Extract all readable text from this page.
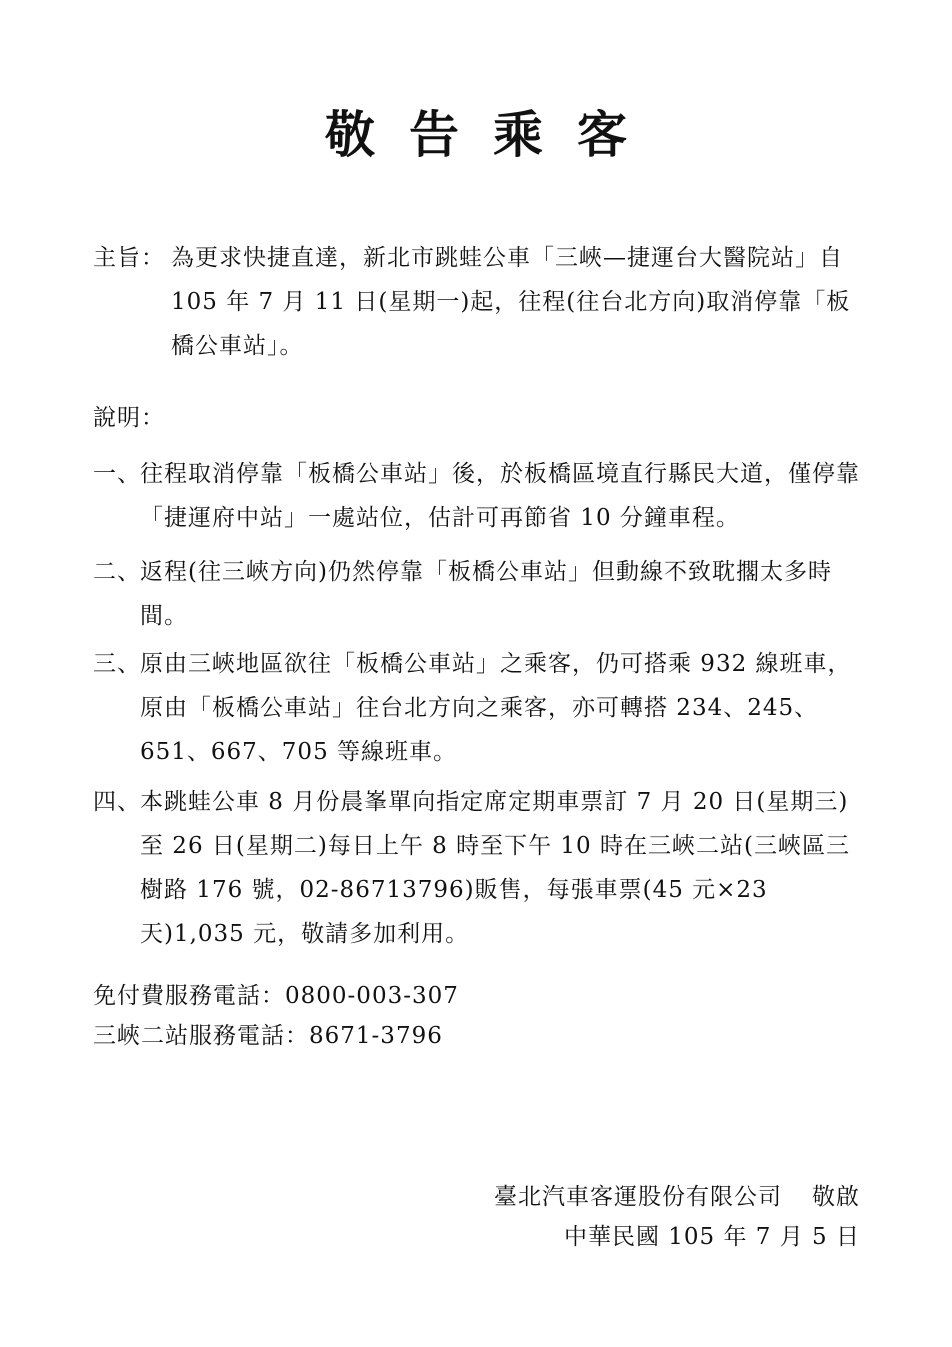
敬告乘客
主旨： 為更求快捷直達，新北市跳蛙公車「三峽—捷運台大醫院站」自 105 年 7 月 11 日(星期一)起，往程(往台北方向)取消停靠「板橋公車站」。
說明：
一、 往程取消停靠「板橋公車站」後，於板橋區境直行縣民大道，僅停靠「捷運府中站」一處站位，估計可再節省 10 分鐘車程。
二、 返程(往三峽方向)仍然停靠「板橋公車站」但動線不致耽擱太多時間。
三、 原由三峽地區欲往「板橋公車站」之乘客，仍可搭乘 932 線班車，原由「板橋公車站」往台北方向之乘客，亦可轉搭 234、245、651、667、705 等線班車。
四、 本跳蛙公車 8 月份晨峯單向指定席定期車票訂 7 月 20 日(星期三)至 26 日(星期二)每日上午 8 時至下午 10 時在三峽二站(三峽區三樹路 176 號，02-86713796)販售，每張車票(45 元×23 天)1,035 元，敬請多加利用。
免付費服務電話：0800-003-307
三峽二站服務電話：8671-3796
臺北汽車客運股份有限公司 敬啟
中華民國 105 年 7 月 5 日
